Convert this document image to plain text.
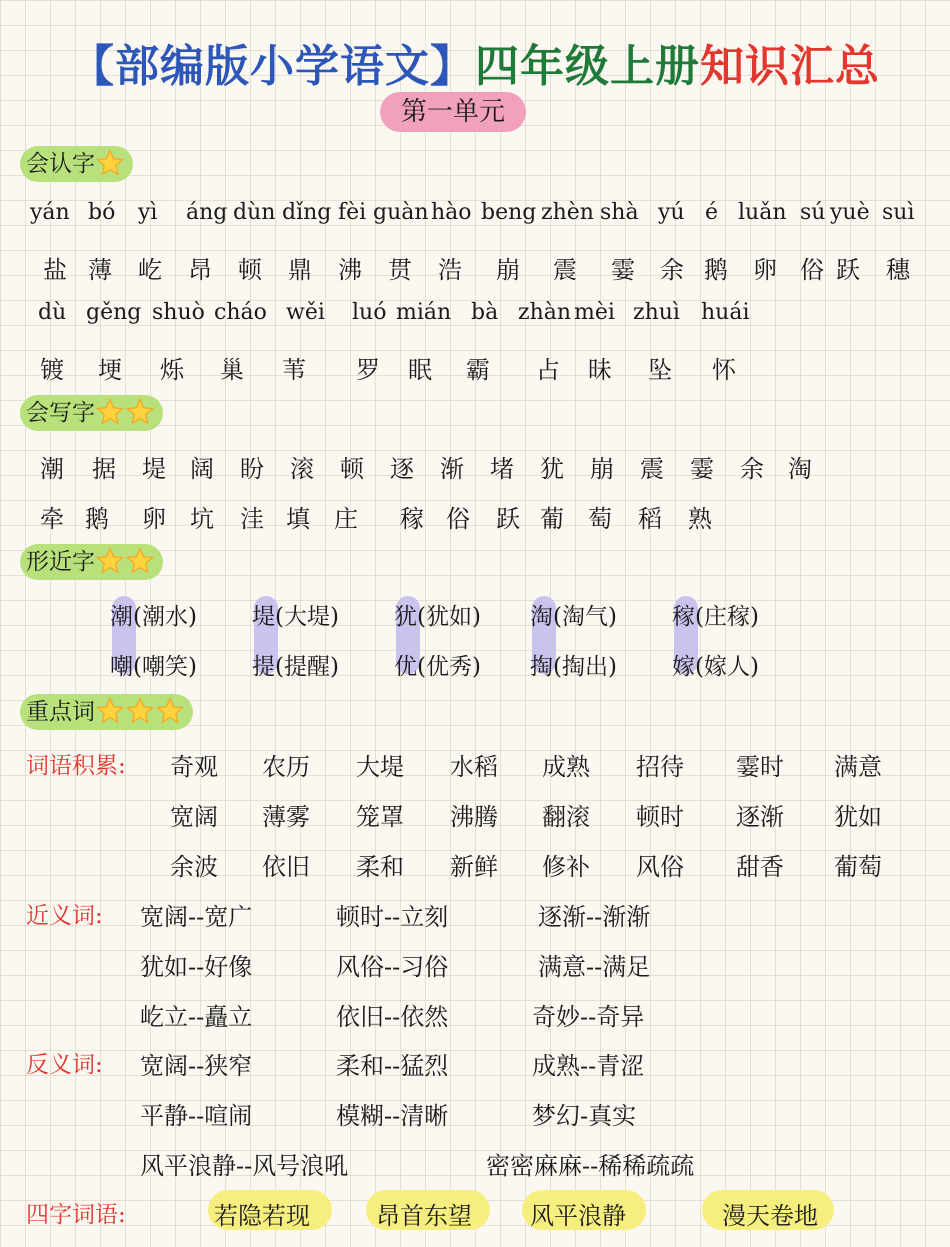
【部编版小学语文】四年级上册知识汇总
第一单元
会认字
yán bó yì áng dùn dǐng fèi guàn hào beng zhèn shà yú é luǎn sú yuè suì
盐 薄 屹 昂 顿 鼎 沸 贯 浩 崩 震 霎 余 鹅 卵 俗 跃 穗
dù gěng shuò cháo wěi luó mián bà zhàn mèi zhuì huái
镀 埂 烁 巢 苇 罗 眠 霸 占 昧 坠 怀
会写字
潮 据 堤 阔 盼 滚 顿 逐 渐 堵 犹 崩 震 霎 余 淘
牵 鹅 卵 坑 洼 填 庄 稼 俗 跃 葡 萄 稻 熟
形近字
潮(潮水) 堤(大堤) 犹(犹如) 淘(淘气) 稼(庄稼)
嘲(嘲笑) 提(提醒) 优(优秀) 掏(掏出) 嫁(嫁人)
重点词
词语积累: 奇观 农历 大堤 水稻 成熟 招待 霎时 满意
宽阔 薄雾 笼罩 沸腾 翻滚 顿时 逐渐 犹如
余波 依旧 柔和 新鲜 修补 风俗 甜香 葡萄
近义词: 宽阔--宽广	顿时--立刻	逐渐--渐渐
犹如--好像	风俗--习俗	满意--满足
屹立--矗立	依旧--依然	奇妙--奇异
反义词: 宽阔--狭窄	柔和--猛烈	成熟--青涩
平静--喧闹	模糊--清晰	梦幻-真实
风平浪静--风号浪吼	密密麻麻--稀稀疏疏
四字词语:	若隐若现	昂首东望 风平浪静	漫天卷地
